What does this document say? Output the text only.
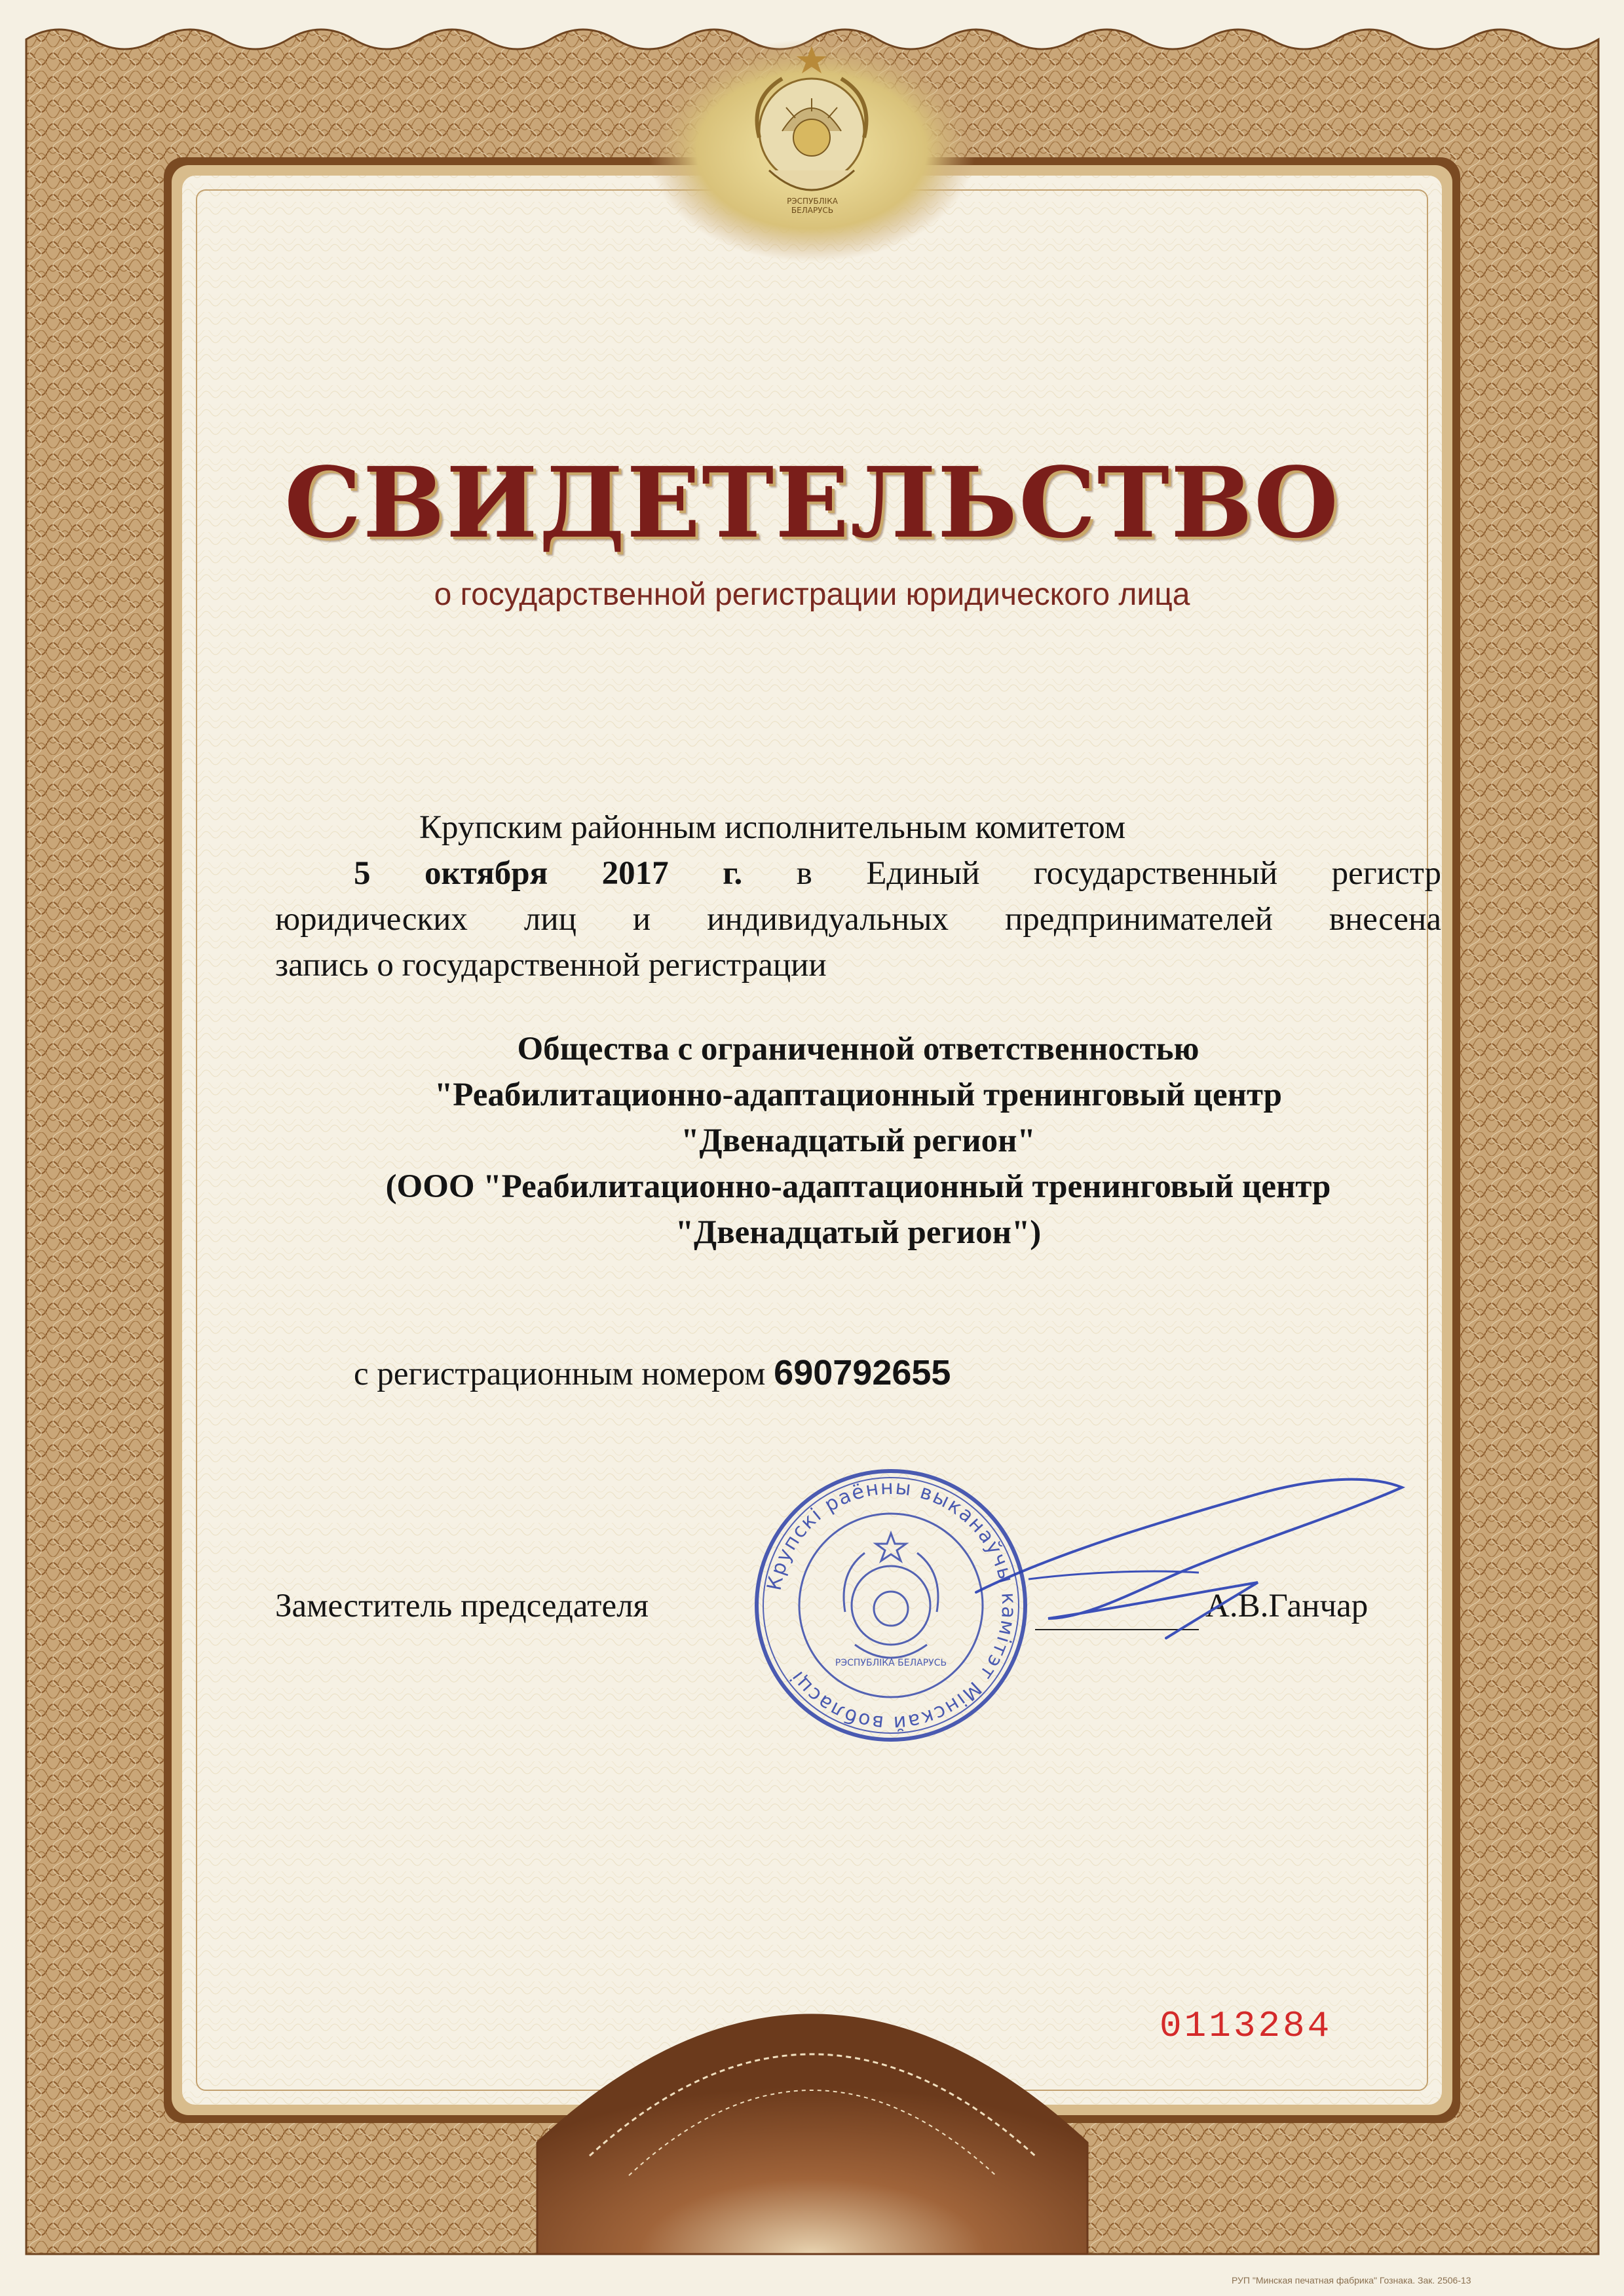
РЭСПУБЛІКА БЕЛАРУСЬ
СВИДЕТЕЛЬСТВО
о государственной регистрации юридического лица
Крупским районным исполнительным комитетом
5 октября 2017 г. в Единый государственный регистр
юридических лиц и индивидуальных предпринимателей внесена
запись о государственной регистрации
Общества с ограниченной ответственностью
"Реабилитационно-адаптационный тренинговый центр
"Двенадцатый регион"
(ООО "Реабилитационно-адаптационный тренинговый центр
"Двенадцатый регион")
с регистрационным номером 690792655
Заместитель председателя	А.В.Ганчар
Крупскі раённы выканаўчы камітэт Мінскай вобласці
РЭСПУБЛІКА БЕЛАРУСЬ
0113284
РУП "Минская печатная фабрика" Гознака. Зак. 2506-13
